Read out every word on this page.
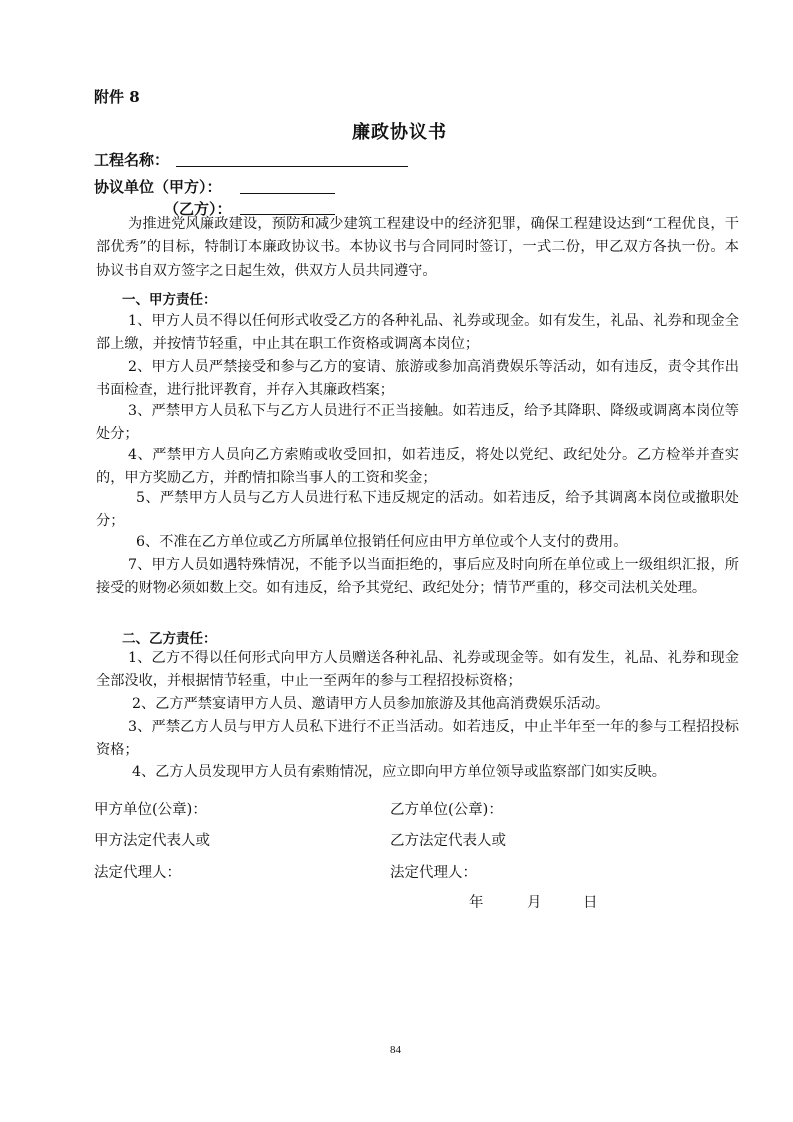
附件 8
廉政协议书
工程名称：
协议单位（甲方）：
（乙方）：
为推进党风廉政建设，预防和减少建筑工程建设中的经济犯罪，确保工程建设达到“工程优良，干部优秀”的目标，特制订本廉政协议书。本协议书与合同同时签订，一式二份，甲乙双方各执一份。本协议书自双方签字之日起生效，供双方人员共同遵守。
一、甲方责任：
1、甲方人员不得以任何形式收受乙方的各种礼品、礼券或现金。如有发生，礼品、礼券和现金全部上缴，并按情节轻重，中止其在职工作资格或调离本岗位；
2、甲方人员严禁接受和参与乙方的宴请、旅游或参加高消费娱乐等活动，如有违反，责令其作出书面检查，进行批评教育，并存入其廉政档案；
3、严禁甲方人员私下与乙方人员进行不正当接触。如若违反，给予其降职、降级或调离本岗位等处分；
4、严禁甲方人员向乙方索贿或收受回扣，如若违反，将处以党纪、政纪处分。乙方检举并查实的，甲方奖励乙方，并酌情扣除当事人的工资和奖金；
5、严禁甲方人员与乙方人员进行私下违反规定的活动。如若违反，给予其调离本岗位或撤职处分；
6、不准在乙方单位或乙方所属单位报销任何应由甲方单位或个人支付的费用。
7、甲方人员如遇特殊情况，不能予以当面拒绝的，事后应及时向所在单位或上一级组织汇报，所接受的财物必须如数上交。如有违反，给予其党纪、政纪处分；情节严重的，移交司法机关处理。
二、乙方责任：
1、乙方不得以任何形式向甲方人员赠送各种礼品、礼券或现金等。如有发生，礼品、礼券和现金全部没收，并根据情节轻重，中止一至两年的参与工程招投标资格；
2、乙方严禁宴请甲方人员、邀请甲方人员参加旅游及其他高消费娱乐活动。
3、严禁乙方人员与甲方人员私下进行不正当活动。如若违反，中止半年至一年的参与工程招投标资格；
4、乙方人员发现甲方人员有索贿情况，应立即向甲方单位领导或监察部门如实反映。
甲方单位(公章)：	乙方单位(公章)：
甲方法定代表人或	乙方法定代表人或
法定代理人：	法定代理人：
年	月	日
84
